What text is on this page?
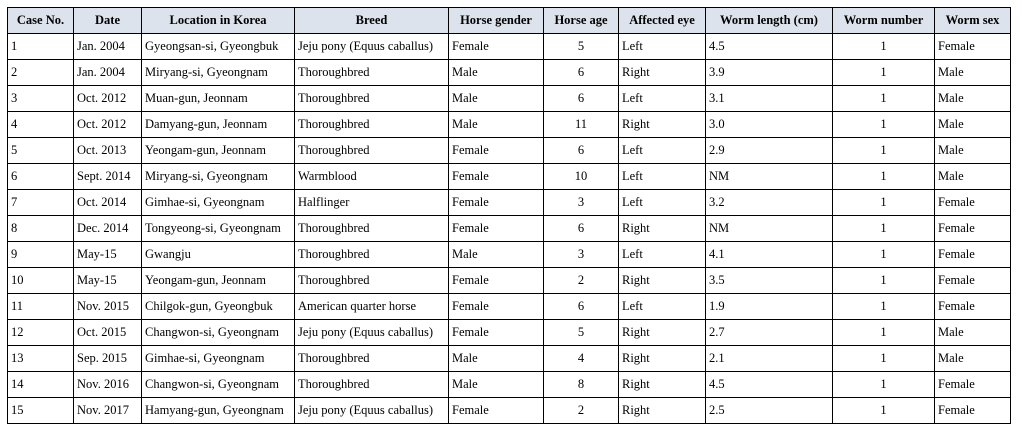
Case No.	Date	Location in Korea	Breed	Horse gender	Horse age	Affected eye	Worm length (cm)	Worm number	Worm sex
1	Jan. 2004	Gyeongsan-si, Gyeongbuk	Jeju pony (Equus caballus)	Female	5	Left	4.5	1	Female
2	Jan. 2004	Miryang-si, Gyeongnam	Thoroughbred	Male	6	Right	3.9	1	Male
3	Oct. 2012	Muan-gun, Jeonnam	Thoroughbred	Male	6	Left	3.1	1	Male
4	Oct. 2012	Damyang-gun, Jeonnam	Thoroughbred	Male	11	Right	3.0	1	Male
5	Oct. 2013	Yeongam-gun, Jeonnam	Thoroughbred	Female	6	Left	2.9	1	Male
6	Sept. 2014	Miryang-si, Gyeongnam	Warmblood	Female	10	Left	NM	1	Male
7	Oct. 2014	Gimhae-si, Gyeongnam	Halflinger	Female	3	Left	3.2	1	Female
8	Dec. 2014	Tongyeong-si, Gyeongnam	Thoroughbred	Female	6	Right	NM	1	Female
9	May-15	Gwangju	Thoroughbred	Male	3	Left	4.1	1	Female
10	May-15	Yeongam-gun, Jeonnam	Thoroughbred	Female	2	Right	3.5	1	Female
11	Nov. 2015	Chilgok-gun, Gyeongbuk	American quarter horse	Female	6	Left	1.9	1	Female
12	Oct. 2015	Changwon-si, Gyeongnam	Jeju pony (Equus caballus)	Female	5	Right	2.7	1	Male
13	Sep. 2015	Gimhae-si, Gyeongnam	Thoroughbred	Male	4	Right	2.1	1	Male
14	Nov. 2016	Changwon-si, Gyeongnam	Thoroughbred	Male	8	Right	4.5	1	Female
15	Nov. 2017	Hamyang-gun, Gyeongnam	Jeju pony (Equus caballus)	Female	2	Right	2.5	1	Female
